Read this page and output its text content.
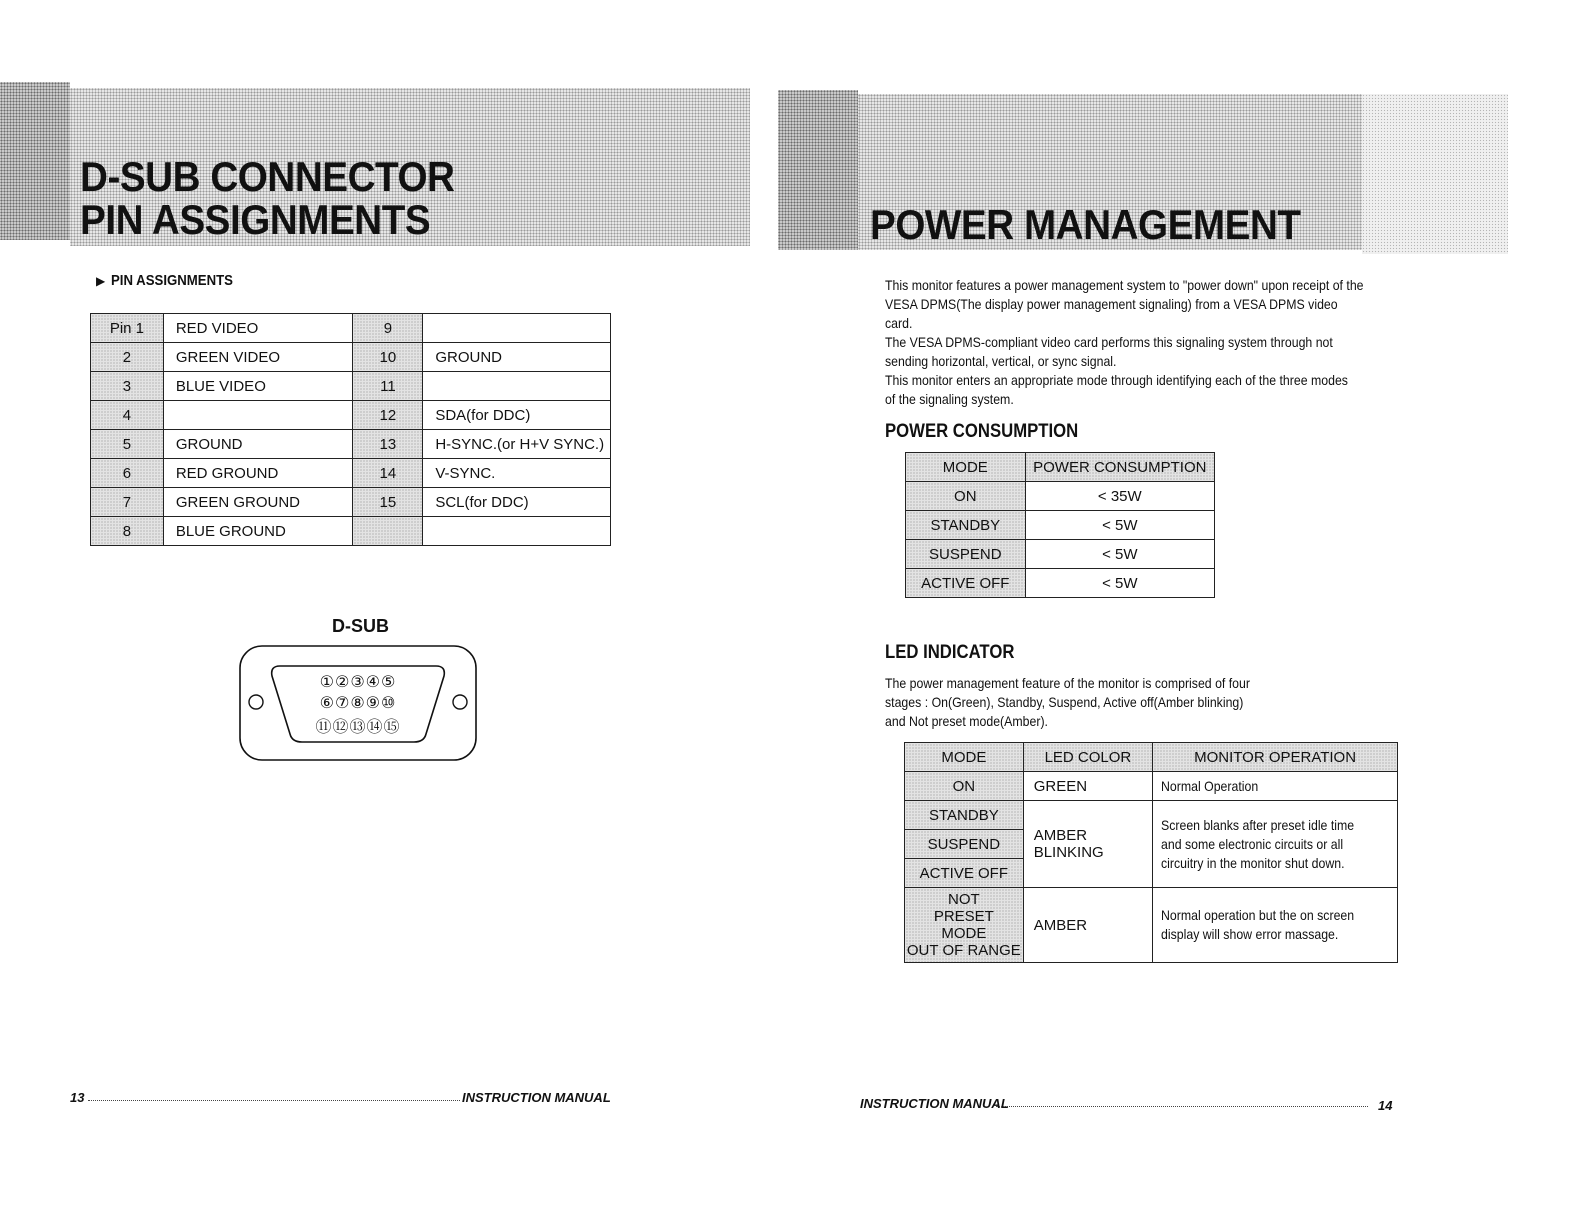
D-SUB CONNECTOR
PIN ASSIGNMENTS
▶ PIN ASSIGNMENTS
Pin 1	RED VIDEO	9	
2	GREEN VIDEO	10	GROUND
3	BLUE VIDEO	11	
4		12	SDA(for DDC)
5	GROUND	13	H-SYNC.(or H+V SYNC.)
6	RED GROUND	14	V-SYNC.
7	GREEN GROUND	15	SCL(for DDC)
8	BLUE GROUND		
D-SUB
①②③④⑤
⑥⑦⑧⑨⑩
⑪⑫⑬⑭⑮
13	INSTRUCTION MANUAL
POWER MANAGEMENT
This monitor features a power management system to "power down" upon receipt of the
VESA DPMS(The display power management signaling) from a VESA DPMS video
card.
The VESA DPMS-compliant video card performs this signaling system through not
sending horizontal, vertical, or sync signal.
This monitor enters an appropriate mode through identifying each of the three modes
of the signaling system.
POWER CONSUMPTION
MODE	POWER CONSUMPTION
ON	< 35W
STANDBY	< 5W
SUSPEND	< 5W
ACTIVE OFF	< 5W
LED INDICATOR
The power management feature of the monitor is comprised of four
stages : On(Green), Standby, Suspend, Active off(Amber blinking)
and Not preset mode(Amber).
MODE	LED COLOR	MONITOR OPERATION
ON	GREEN	Normal Operation
STANDBY	AMBER BLINKING	Screen blanks after preset idle time
and some electronic circuits or all
circuitry in the monitor shut down.
SUSPEND		
ACTIVE OFF		
NOT PRESET MODE
OUT OF RANGE	AMBER	Normal operation but the on screen
display will show error massage.
INSTRUCTION MANUAL	14
